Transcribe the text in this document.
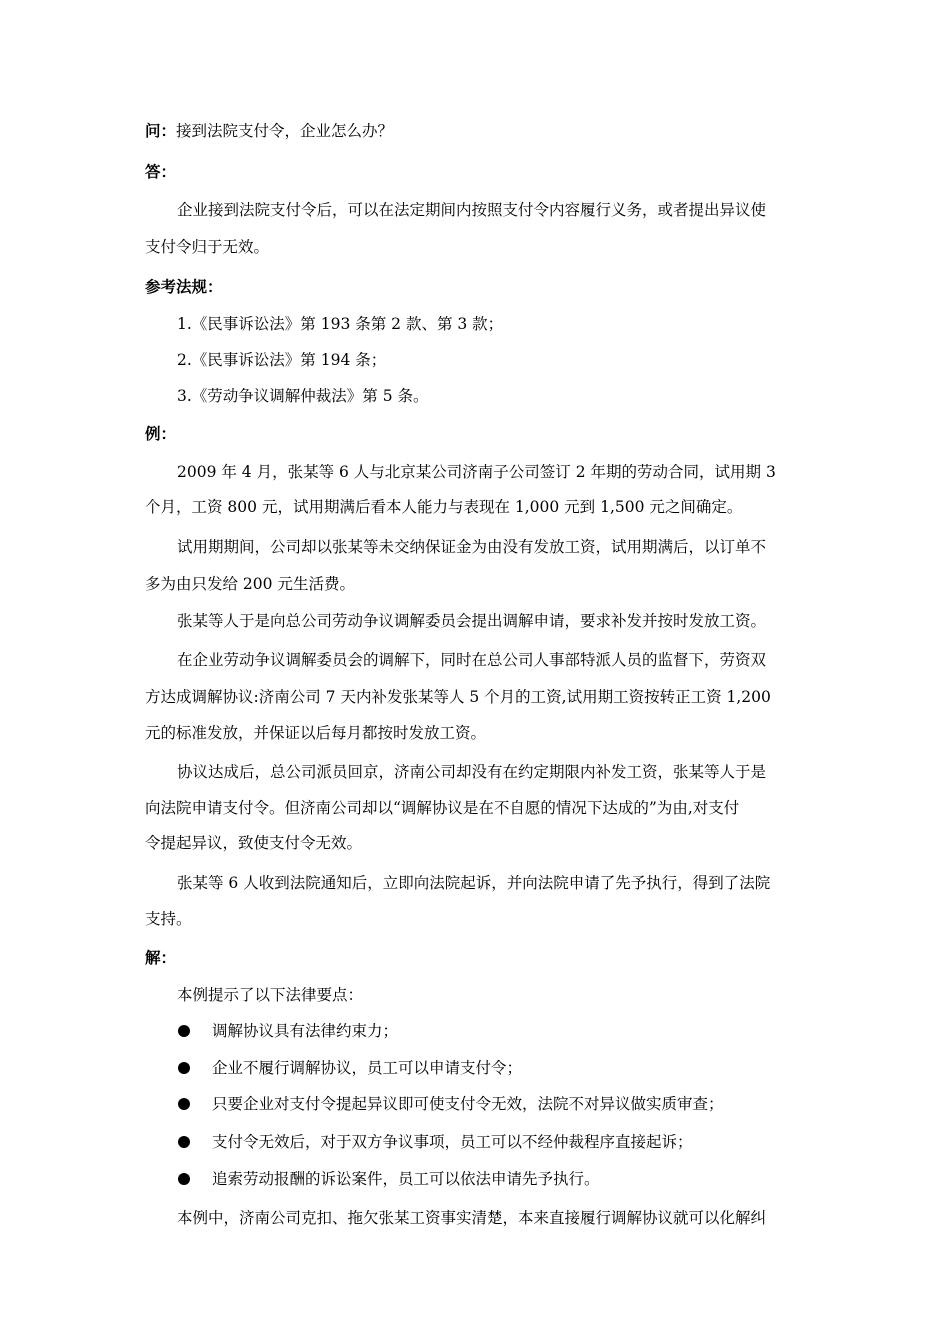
问：接到法院支付令，企业怎么办？
答：
企业接到法院支付令后，可以在法定期间内按照支付令内容履行义务，或者提出异议使
支付令归于无效。
参考法规：
1.《民事诉讼法》第 193 条第 2 款、第 3 款；
2.《民事诉讼法》第 194 条；
3.《劳动争议调解仲裁法》第 5 条。
例：
2009 年 4 月，张某等 6 人与北京某公司济南子公司签订 2 年期的劳动合同，试用期 3
个月，工资 800 元，试用期满后看本人能力与表现在 1,000 元到 1,500 元之间确定。
试用期期间，公司却以张某等未交纳保证金为由没有发放工资，试用期满后，以订单不
多为由只发给 200 元生活费。
张某等人于是向总公司劳动争议调解委员会提出调解申请，要求补发并按时发放工资。
在企业劳动争议调解委员会的调解下，同时在总公司人事部特派人员的监督下，劳资双
方达成调解协议:济南公司 7 天内补发张某等人 5 个月的工资,试用期工资按转正工资 1,200
元的标准发放，并保证以后每月都按时发放工资。
协议达成后，总公司派员回京，济南公司却没有在约定期限内补发工资，张某等人于是
向法院申请支付令。但济南公司却以“调解协议是在不自愿的情况下达成的”为由,对支付
令提起异议，致使支付令无效。
张某等 6 人收到法院通知后，立即向法院起诉，并向法院申请了先予执行，得到了法院
支持。
解：
本例提示了以下法律要点：
调解协议具有法律约束力；
企业不履行调解协议，员工可以申请支付令；
只要企业对支付令提起异议即可使支付令无效，法院不对异议做实质审查；
支付令无效后，对于双方争议事项，员工可以不经仲裁程序直接起诉；
追索劳动报酬的诉讼案件，员工可以依法申请先予执行。
本例中，济南公司克扣、拖欠张某工资事实清楚，本来直接履行调解协议就可以化解纠
